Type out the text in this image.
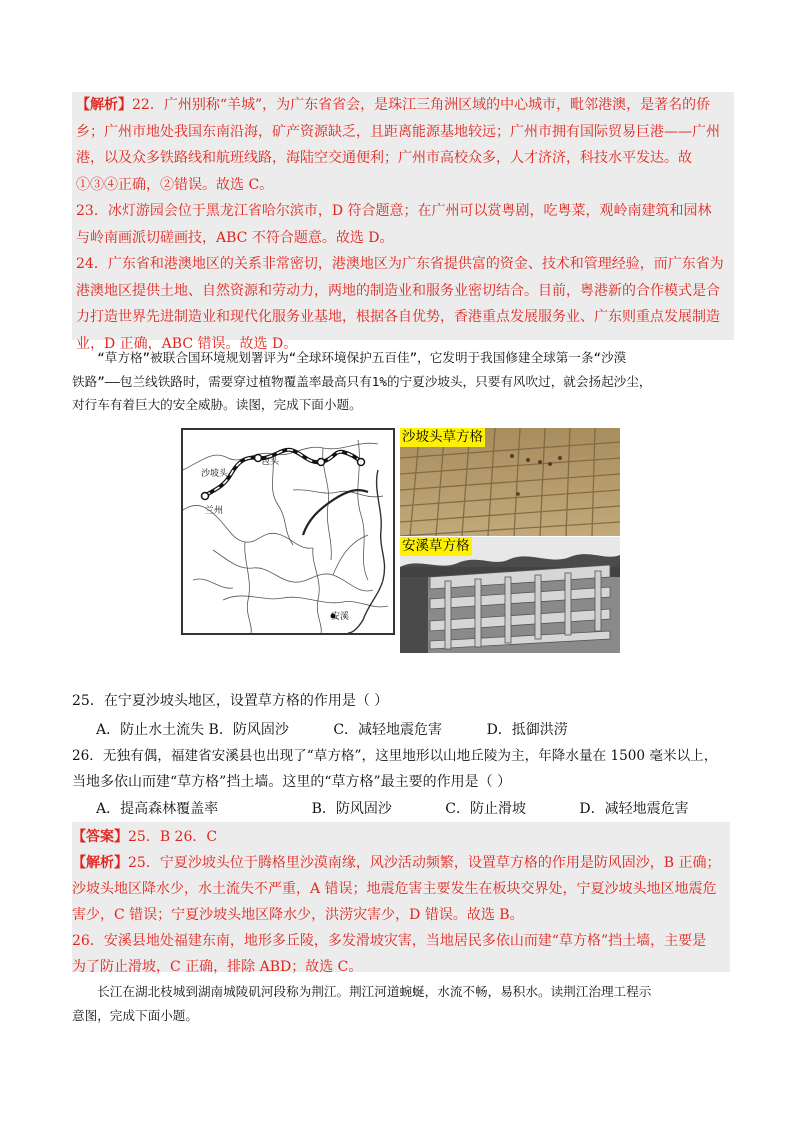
【解析】22．广州别称“羊城”，为广东省省会，是珠江三角洲区域的中心城市，毗邻港澳，是著名的侨

乡；广州市地处我国东南沿海，矿产资源缺乏，且距离能源基地较远；广州市拥有国际贸易巨港——广州

港，以及众多铁路线和航班线路，海陆空交通便利；广州市高校众多，人才济济，科技水平发达。故

①③④正确，②错误。故选 C。

23．冰灯游园会位于黑龙江省哈尔滨市，D 符合题意；在广州可以赏粤剧，吃粤菜，观岭南建筑和园林

与岭南画派切磋画技，ABC 不符合题意。故选 D。

24．广东省和港澳地区的关系非常密切，港澳地区为广东省提供富的资金、技术和管理经验，而广东省为

港澳地区提供土地、自然资源和劳动力，两地的制造业和服务业密切结合。目前，粤港新的合作模式是合

力打造世界先进制造业和现代化服务业基地，根据各自优势，香港重点发展服务业、广东则重点发展制造

业，D 正确，ABC 错误。故选 D。

“草方格”被联合国环境规划署评为“全球环境保护五百佳”，它发明于我国修建全球第一条“沙漠
铁路”——包兰线铁路时，需要穿过植物覆盖率最高只有1%的宁夏沙坡头，只要有风吹过，就会扬起沙尘，
对行车有着巨大的安全威胁。读图，完成下面小题。
包头
沙坡头
兰州
安溪
沙坡头草方格
安溪草方格
25．在宁夏沙坡头地区，设置草方格的作用是（ ）
A．防止水土流失 B．防风固沙          C．减轻地震危害          D．抵御洪涝
26．无独有偶，福建省安溪县也出现了“草方格”，这里地形以山地丘陵为主，年降水量在 1500 毫米以上，
当地多依山而建“草方格”挡土墙。这里的“草方格”最主要的作用是（ ）
A．提高森林覆盖率                     B．防风固沙            C．防止滑坡            D．减轻地震危害
【答案】25．B 26．C
【解析】25．宁夏沙坡头位于腾格里沙漠南缘，风沙活动频繁，设置草方格的作用是防风固沙，B 正确；
沙坡头地区降水少，水土流失不严重，A 错误；地震危害主要发生在板块交界处，宁夏沙坡头地区地震危
害少，C 错误；宁夏沙坡头地区降水少，洪涝灾害少，D 错误。故选 B。
26．安溪县地处福建东南，地形多丘陵，多发滑坡灾害，当地居民多依山而建“草方格”挡土墙，主要是
为了防止滑坡，C 正确，排除 ABD；故选 C。
长江在湖北枝城到湖南城陵矶河段称为荆江。荆江河道蜿蜒，水流不畅，易积水。读荆江治理工程示
意图，完成下面小题。
